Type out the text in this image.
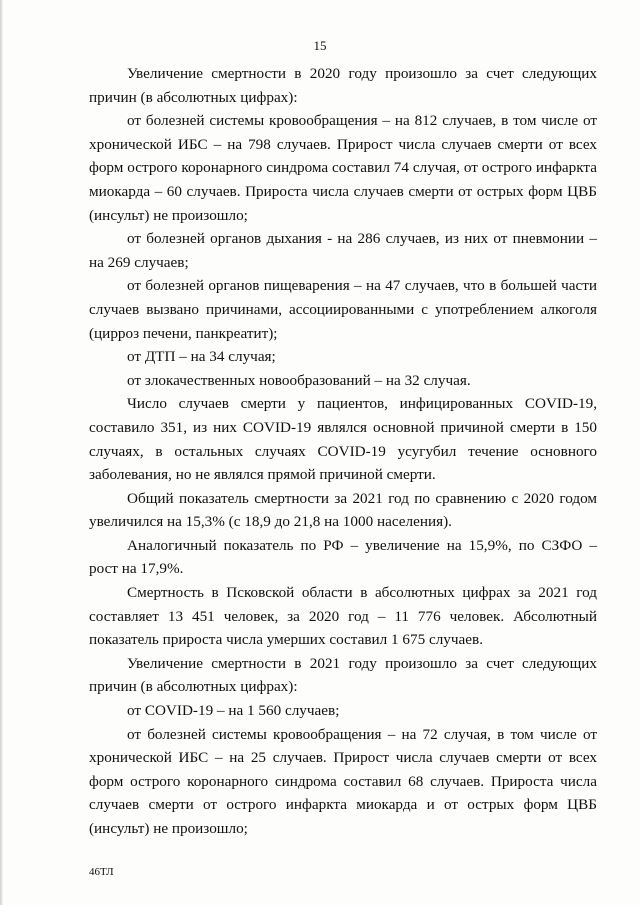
15

Увеличение смертности в 2020 году произошло за счет следующих причин (в абсолютных цифрах):

от болезней системы кровообращения – на 812 случаев, в том числе от хронической ИБС – на 798 случаев. Прирост числа случаев смерти от всех форм острого коронарного синдрома составил 74 случая, от острого инфаркта миокарда – 60 случаев. Прироста числа случаев смерти от острых форм ЦВБ (инсульт) не произошло;

от болезней органов дыхания - на 286 случаев, из них от пневмонии – на 269 случаев;

от болезней органов пищеварения – на 47 случаев, что в большей части случаев вызвано причинами, ассоциированными с употреблением алкоголя (цирроз печени, панкреатит);

от ДТП – на 34 случая;

от злокачественных новообразований – на 32 случая.

Число случаев смерти у пациентов, инфицированных COVID-19, составило 351, из них COVID-19 являлся основной причиной смерти в 150 случаях, в остальных случаях COVID-19 усугубил течение основного заболевания, но не являлся прямой причиной смерти.

Общий показатель смертности за 2021 год по сравнению с 2020 годом увеличился на 15,3% (с 18,9 до 21,8 на 1000 населения).

Аналогичный показатель по РФ – увеличение на 15,9%, по СЗФО – рост на 17,9%.

Смертность в Псковской области в абсолютных цифрах за 2021 год составляет 13 451 человек, за 2020 год – 11 776 человек. Абсолютный показатель прироста числа умерших составил 1 675 случаев.

Увеличение смертности в 2021 году произошло за счет следующих причин (в абсолютных цифрах):

от COVID-19 – на 1 560 случаев;

от болезней системы кровообращения – на 72 случая, в том числе от хронической ИБС – на 25 случаев. Прирост числа случаев смерти от всех форм острого коронарного синдрома составил 68 случаев. Прироста числа случаев смерти от острого инфаркта миокарда и от острых форм ЦВБ (инсульт) не произошло;

46ТЛ
